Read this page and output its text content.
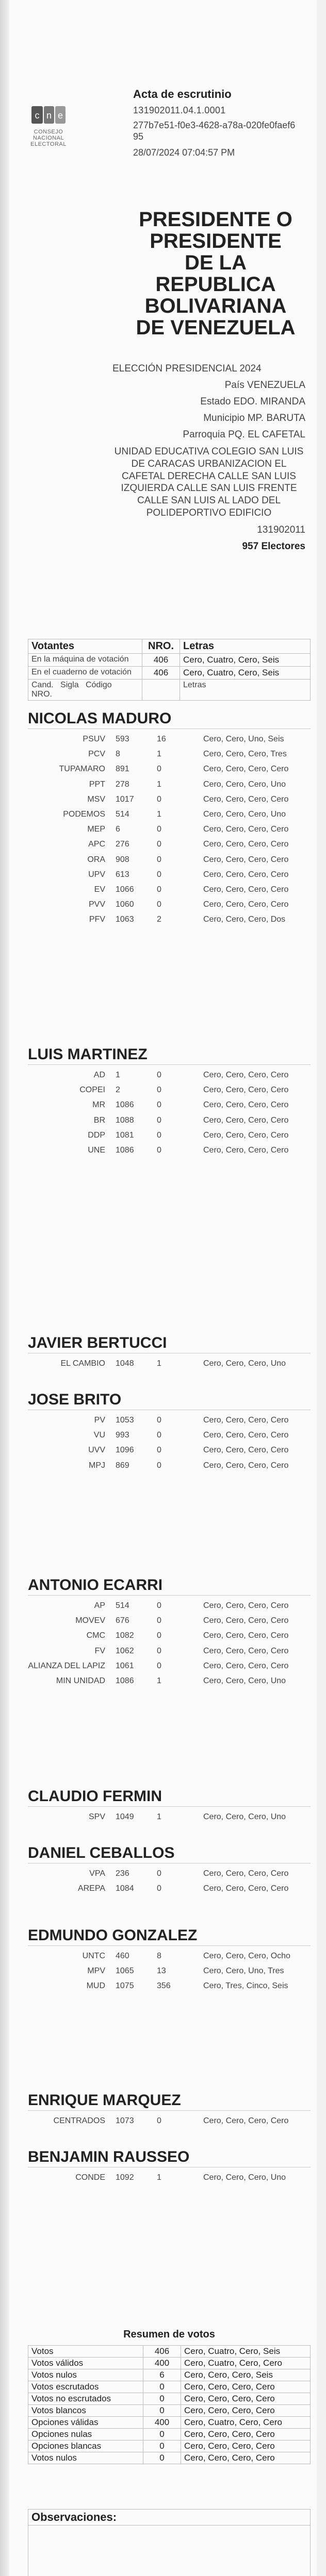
c n e
CONSEJO NACIONAL ELECTORAL
Acta de escrutinio
131902011.04.1.0001
277b7e51-f0e3-4628-a78a-020fe0faef695
28/07/2024 07:04:57 PM
PRESIDENTE O PRESIDENTE DE LA REPUBLICA BOLIVARIANA DE VENEZUELA
ELECCIÓN PRESIDENCIAL 2024
País VENEZUELA
Estado EDO. MIRANDA
Municipio MP. BARUTA
Parroquia PQ. EL CAFETAL
UNIDAD EDUCATIVA COLEGIO SAN LUIS DE CARACAS URBANIZACION EL CAFETAL DERECHA CALLE SAN LUIS IZQUIERDA CALLE SAN LUIS FRENTE CALLE SAN LUIS AL LADO DEL POLIDEPORTIVO EDIFICIO
131902011
957 Electores
Votantes	NRO.	Letras
En la máquina de votación	406	Cero, Cuatro, Cero, Seis
En el cuaderno de votación	406	Cero, Cuatro, Cero, Seis
Cand. Sigla Código   NRO.		Letras
NICOLAS MADURO
PSUV	593	16	Cero, Cero, Uno, Seis
PCV	8	1	Cero, Cero, Cero, Tres
TUPAMARO	891	0	Cero, Cero, Cero, Cero
PPT	278	1	Cero, Cero, Cero, Uno
MSV	1017	0	Cero, Cero, Cero, Cero
PODEMOS	514	1	Cero, Cero, Cero, Uno
MEP	6	0	Cero, Cero, Cero, Cero
APC	276	0	Cero, Cero, Cero, Cero
ORA	908	0	Cero, Cero, Cero, Cero
UPV	613	0	Cero, Cero, Cero, Cero
EV	1066	0	Cero, Cero, Cero, Cero
PVV	1060	0	Cero, Cero, Cero, Cero
PFV	1063	2	Cero, Cero, Cero, Dos
LUIS MARTINEZ
AD	1	0	Cero, Cero, Cero, Cero
COPEI	2	0	Cero, Cero, Cero, Cero
MR	1086	0	Cero, Cero, Cero, Cero
BR	1088	0	Cero, Cero, Cero, Cero
DDP	1081	0	Cero, Cero, Cero, Cero
UNE	1086	0	Cero, Cero, Cero, Cero
JAVIER BERTUCCI
EL CAMBIO	1048	1	Cero, Cero, Cero, Uno
JOSE BRITO
PV	1053	0	Cero, Cero, Cero, Cero
VU	993	0	Cero, Cero, Cero, Cero
UVV	1096	0	Cero, Cero, Cero, Cero
MPJ	869	0	Cero, Cero, Cero, Cero
ANTONIO ECARRI
AP	514	0	Cero, Cero, Cero, Cero
MOVEV	676	0	Cero, Cero, Cero, Cero
CMC	1082	0	Cero, Cero, Cero, Cero
FV	1062	0	Cero, Cero, Cero, Cero
ALIANZA DEL LAPIZ	1061	0	Cero, Cero, Cero, Cero
MIN UNIDAD	1086	1	Cero, Cero, Cero, Uno
CLAUDIO FERMIN
SPV	1049	1	Cero, Cero, Cero, Uno
DANIEL CEBALLOS
VPA	236	0	Cero, Cero, Cero, Cero
AREPA	1084	0	Cero, Cero, Cero, Cero
EDMUNDO GONZALEZ
UNTC	460	8	Cero, Cero, Cero, Ocho
MPV	1065	13	Cero, Cero, Uno, Tres
MUD	1075	356	Cero, Tres, Cinco, Seis
ENRIQUE MARQUEZ
CENTRADOS	1073	0	Cero, Cero, Cero, Cero
BENJAMIN RAUSSEO
CONDE	1092	1	Cero, Cero, Cero, Uno
Resumen de votos
Votos	406	Cero, Cuatro, Cero, Seis
Votos válidos	400	Cero, Cuatro, Cero, Cero
Votos nulos	6	Cero, Cero, Cero, Seis
Votos escrutados	0	Cero, Cero, Cero, Cero
Votos no escrutados	0	Cero, Cero, Cero, Cero
Votos blancos	0	Cero, Cero, Cero, Cero
Opciones válidas	400	Cero, Cuatro, Cero, Cero
Opciones nulas	0	Cero, Cero, Cero, Cero
Opciones blancas	0	Cero, Cero, Cero, Cero
Votos nulos	0	Cero, Cero, Cero, Cero
Observaciones:
